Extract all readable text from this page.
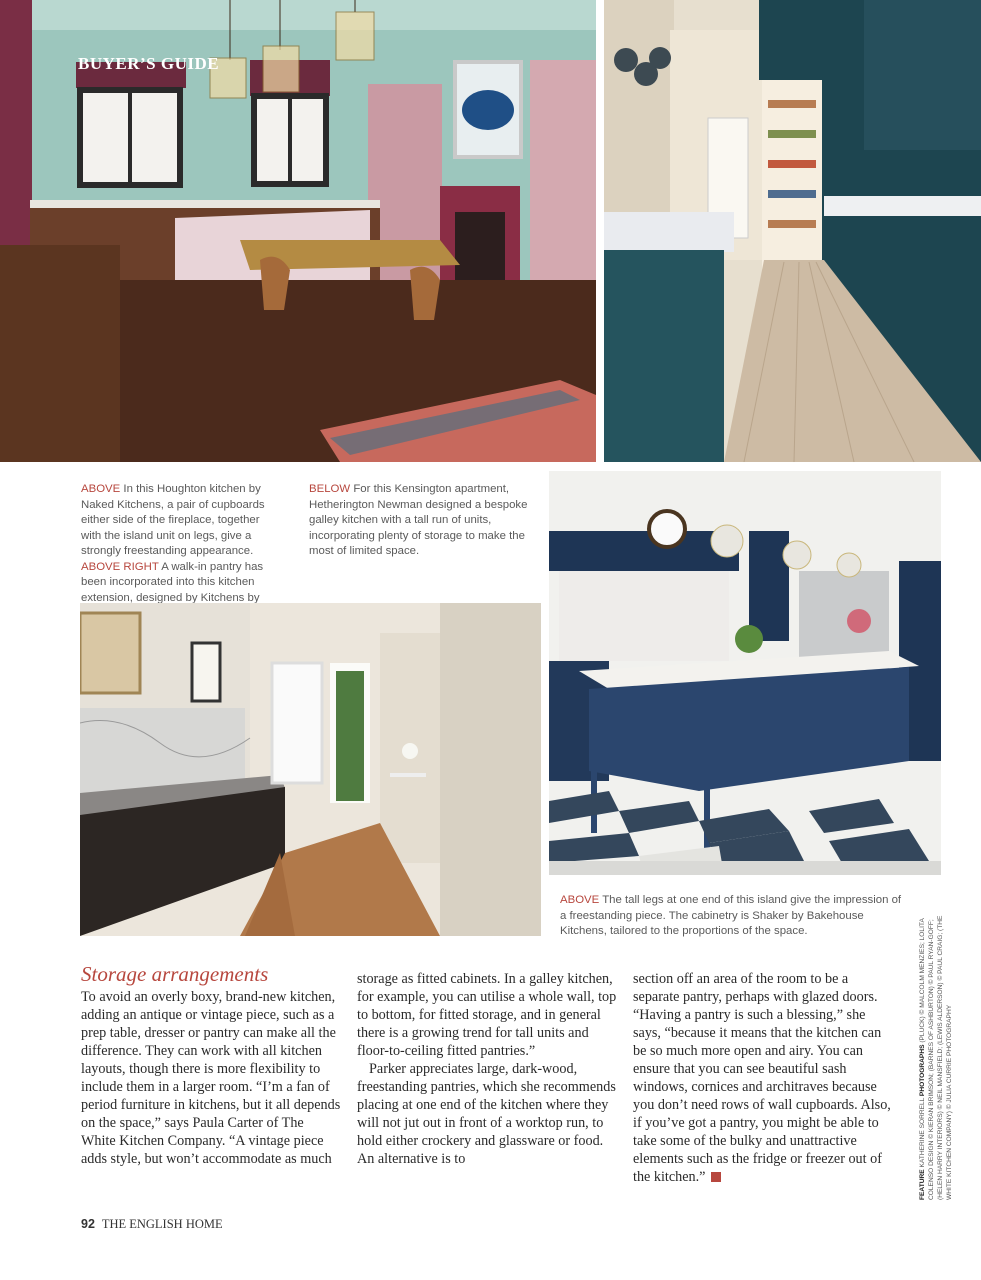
BUYER’S GUIDE
ABOVE In this Houghton kitchen by Naked Kitchens, a pair of cupboards either side of the fireplace, together with the island unit on legs, give a strongly freestanding appearance.
ABOVE RIGHT A walk-in pantry has been incorporated into this kitchen extension, designed by Kitchens by
BELOW For this Kensington apartment, Hetherington Newman designed a bespoke galley kitchen with a tall run of units, incorporating plenty of storage to make the most of limited space.
ABOVE The tall legs at one end of this island give the impression of a freestanding piece. The cabinetry is Shaker by Bakehouse Kitchens, tailored to the proportions of the space.
Storage arrangements

To avoid an overly boxy, brand-new kitchen, adding an antique or vintage piece, such as a prep table, dresser or pantry can make all the difference. They can work with all kitchen layouts, though there is more flexibility to include them in a larger room. “I’m a fan of period furniture in kitchens, but it all depends on the space,” says Paula Carter of The White Kitchen Company. “A vintage piece adds style, but won’t accommodate as much

storage as fitted cabinets. In a galley kitchen, for example, you can utilise a whole wall, top to bottom, for fitted storage, and in general there is a growing trend for tall units and floor-to-ceiling fitted pantries.”

Parker appreciates large, dark-wood, freestanding pantries, which she recommends placing at one end of the kitchen where they will not jut out in front of a worktop run, to hold either crockery and glassware or food. An alternative is to

section off an area of the room to be a separate pantry, perhaps with glazed doors. “Having a pantry is such a blessing,” she says, “because it means that the kitchen can be so much more open and airy. You can ensure that you can see beautiful sash windows, cornices and architraves because you don’t need rows of wall cupboards. Also, if you’ve got a pantry, you might be able to take some of the bulky and unattractive elements such as the fridge or freezer out of the kitchen.”	FEATURE KATHERINE SORRELL PHOTOGRAPHS (PLUCK) © MALCOLM MENZIES; LOLITA COLENSO DESIGN © KIERAN BRIMSON; (BARNES OF ASHBURTON) © PAUL RYAN-GOFF; (HELEN HARRY INTERIORS) © NEIL MANSFIELD; (LEWIS ALDERSON) © PAUL CRAIG; (THE WHITE KITCHEN COMPANY) © JULIA CURRIE PHOTOGRAPHY
92 THE ENGLISH HOME
